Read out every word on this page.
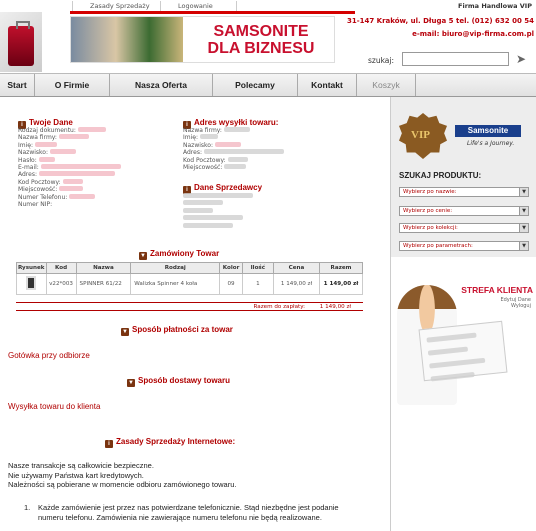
Zasady Sprzedaży	Logowanie	Firma Handlowa VIP
SAMSONITE
DLA BIZNESU
31-147 Kraków, ul. Długa 5 tel. (012) 632 00 54
e-mail: biuro@vip-firma.com.pl
szukaj:	➤
Start	O Firmie	Nasza Oferta	Polecamy	Kontakt	Koszyk
i Twoje Dane
Rodzaj dokumentu:
Nazwa firmy:
Imię:
Nazwisko:
Hasło:
E-mail:
Adres:
Kod Pocztowy:
Miejscowość:
Numer Telefonu:
Numer NIP:
i Adres wysyłki towaru:
Nazwa firmy:
Imię:
Nazwisko:
Adres:
Kod Pocztowy:
Miejscowość:
i Dane Sprzedawcy
▼ Zamówiony Towar
Rysunek	Kod	Nazwa	Rodzaj	Kolor	Ilość	Cena	Razem
	v22*003	SPINNER 61/22	Walizka Spinner 4 koła	09	1	1 149,00 zł	1 149,00 zł
Razem do zapłaty:	1 149,00 zł
▼ Sposób płatności za towar
Gotówka przy odbiorze
▼ Sposób dostawy towaru
Wysyłka towaru do klienta
i Zasady Sprzedaży Internetowe:
Nasze transakcje są całkowicie bezpieczne.
Nie używamy Państwa kart kredytowych.
Należności są pobierane w momencie odbioru zamówionego towaru.
1.	Każde zamówienie jest przez nas potwierdzane telefonicznie. Stąd niezbędne jest podanie numeru telefonu. Zamówienia nie zawierające numeru telefonu nie będą realizowane.
VIP	Samsonite
Life's a Journey.
SZUKAJ PRODUKTU:
Wybierz po nazwie:	▼
Wybierz po cenie:	▼
Wybierz po kolekcji:	▼
Wybierz po parametrach:	▼
STREFA KLIENTA
Edytuj Dane
Wyloguj
